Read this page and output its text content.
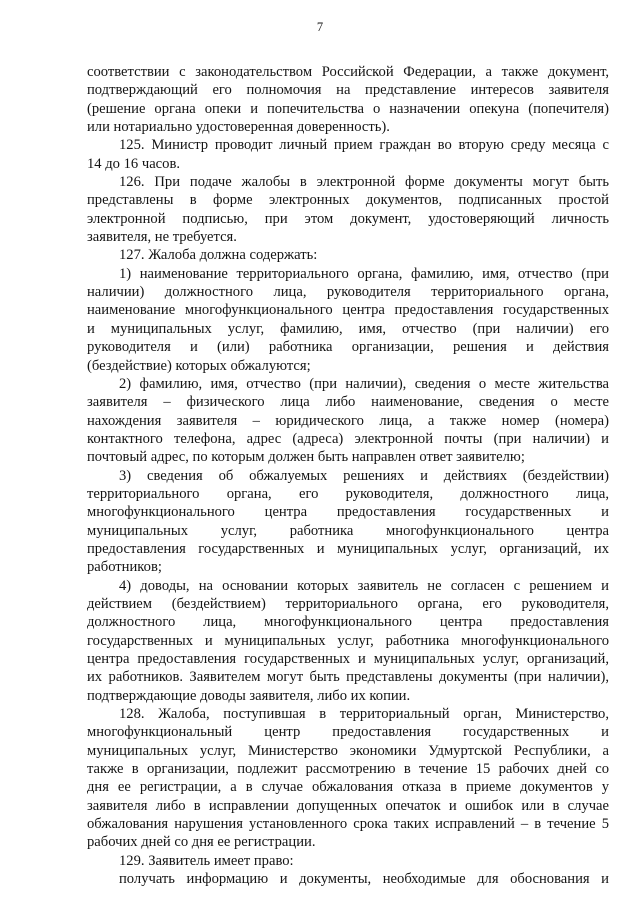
7
соответствии с законодательством Российской Федерации, а также документ,
подтверждающий его полномочия на представление интересов заявителя
(решение органа опеки и попечительства о назначении опекуна (попечителя)
или нотариально удостоверенная доверенность).
125. Министр проводит личный прием граждан во вторую среду месяца с
14 до 16 часов.
126. При подаче жалобы в электронной форме документы могут быть
представлены в форме электронных документов, подписанных простой
электронной подписью, при этом документ, удостоверяющий личность
заявителя, не требуется.
127. Жалоба должна содержать:
1) наименование территориального органа, фамилию, имя, отчество (при
наличии) должностного лица, руководителя территориального органа,
наименование многофункционального центра предоставления государственных
и муниципальных услуг, фамилию, имя, отчество (при наличии) его
руководителя и (или) работника организации, решения и действия
(бездействие) которых обжалуются;
2) фамилию, имя, отчество (при наличии), сведения о месте жительства
заявителя – физического лица либо наименование, сведения о месте
нахождения заявителя – юридического лица, а также номер (номера)
контактного телефона, адрес (адреса) электронной почты (при наличии) и
почтовый адрес, по которым должен быть направлен ответ заявителю;
3) сведения об обжалуемых решениях и действиях (бездействии)
территориального органа, его руководителя, должностного лица,
многофункционального центра предоставления государственных и
муниципальных услуг, работника многофункционального центра
предоставления государственных и муниципальных услуг, организаций, их
работников;
4) доводы, на основании которых заявитель не согласен с решением и
действием (бездействием) территориального органа, его руководителя,
должностного лица, многофункционального центра предоставления
государственных и муниципальных услуг, работника многофункционального
центра предоставления государственных и муниципальных услуг, организаций,
их работников. Заявителем могут быть представлены документы (при наличии),
подтверждающие доводы заявителя, либо их копии.
128. Жалоба, поступившая в территориальный орган, Министерство,
многофункциональный центр предоставления государственных и
муниципальных услуг, Министерство экономики Удмуртской Республики, а
также в организации, подлежит рассмотрению в течение 15 рабочих дней со
дня ее регистрации, а в случае обжалования отказа в приеме документов у
заявителя либо в исправлении допущенных опечаток и ошибок или в случае
обжалования нарушения установленного срока таких исправлений – в течение 5
рабочих дней со дня ее регистрации.
129. Заявитель имеет право:
получать информацию и документы, необходимые для обоснования и
